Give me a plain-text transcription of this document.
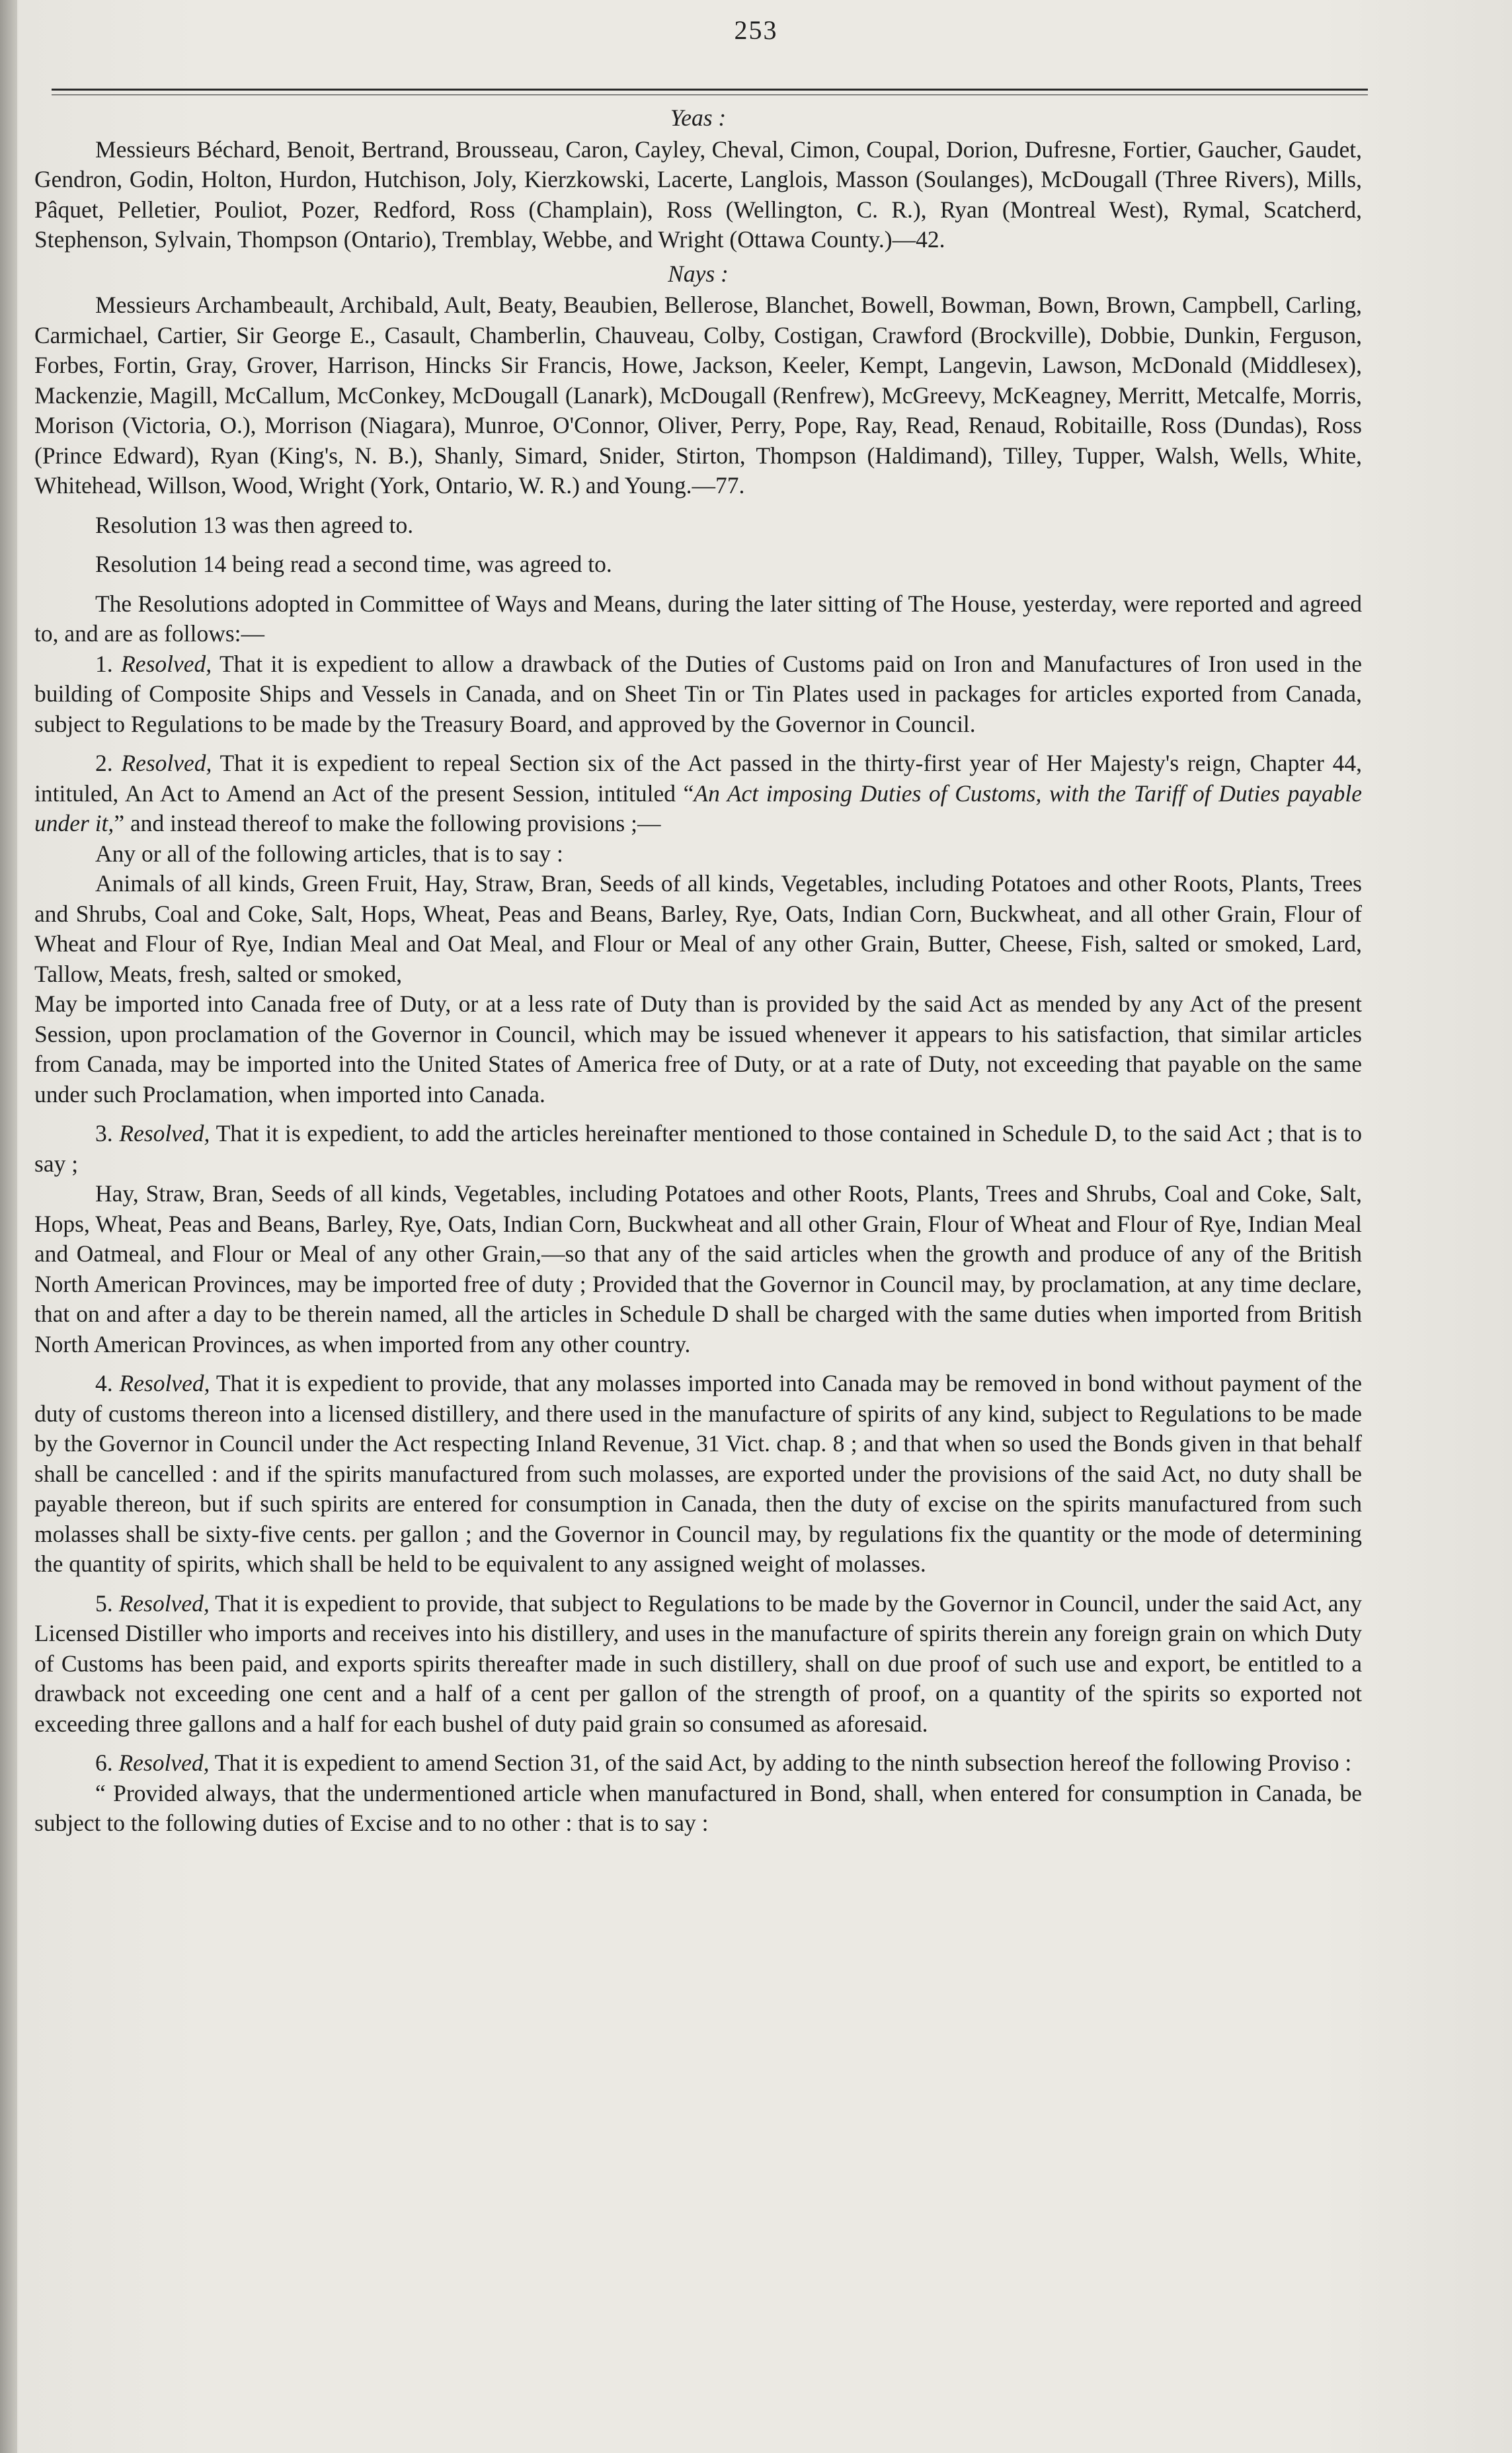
253
Yeas :

Messieurs Béchard, Benoit, Bertrand, Brousseau, Caron, Cayley, Cheval, Cimon, Coupal, Dorion, Dufresne, Fortier, Gaucher, Gaudet, Gendron, Godin, Holton, Hurdon, Hutchison, Joly, Kierzkowski, Lacerte, Langlois, Masson (Soulanges), McDougall (Three Rivers), Mills, Pâquet, Pelletier, Pouliot, Pozer, Redford, Ross (Champlain), Ross (Wellington, C. R.), Ryan (Montreal West), Rymal, Scatcherd, Stephenson, Sylvain, Thompson (Ontario), Tremblay, Webbe, and Wright (Ottawa County.)—42.

Nays :

Messieurs Archambeault, Archibald, Ault, Beaty, Beaubien, Bellerose, Blanchet, Bowell, Bowman, Bown, Brown, Campbell, Carling, Carmichael, Cartier, Sir George E., Casault, Chamberlin, Chauveau, Colby, Costigan, Crawford (Brockville), Dobbie, Dunkin, Ferguson, Forbes, Fortin, Gray, Grover, Harrison, Hincks Sir Francis, Howe, Jackson, Keeler, Kempt, Langevin, Lawson, McDonald (Middlesex), Mackenzie, Magill, McCallum, McConkey, McDougall (Lanark), McDougall (Renfrew), McGreevy, McKeagney, Merritt, Metcalfe, Morris, Morison (Victoria, O.), Morrison (Niagara), Munroe, O'Connor, Oliver, Perry, Pope, Ray, Read, Renaud, Robitaille, Ross (Dundas), Ross (Prince Edward), Ryan (King's, N. B.), Shanly, Simard, Snider, Stirton, Thompson (Haldimand), Tilley, Tupper, Walsh, Wells, White, Whitehead, Willson, Wood, Wright (York, Ontario, W. R.) and Young.—77.

Resolution 13 was then agreed to.

Resolution 14 being read a second time, was agreed to.

The Resolutions adopted in Committee of Ways and Means, during the later sitting of The House, yesterday, were reported and agreed to, and are as follows:—

1. Resolved, That it is expedient to allow a drawback of the Duties of Customs paid on Iron and Manufactures of Iron used in the building of Composite Ships and Vessels in Canada, and on Sheet Tin or Tin Plates used in packages for articles exported from Canada, subject to Regulations to be made by the Treasury Board, and approved by the Governor in Council.

2. Resolved, That it is expedient to repeal Section six of the Act passed in the thirty-first year of Her Majesty's reign, Chapter 44, intituled, An Act to Amend an Act of the present Session, intituled “An Act imposing Duties of Customs, with the Tariff of Duties payable under it,” and instead thereof to make the following provisions ;—

Any or all of the following articles, that is to say :

Animals of all kinds, Green Fruit, Hay, Straw, Bran, Seeds of all kinds, Vegetables, including Potatoes and other Roots, Plants, Trees and Shrubs, Coal and Coke, Salt, Hops, Wheat, Peas and Beans, Barley, Rye, Oats, Indian Corn, Buckwheat, and all other Grain, Flour of Wheat and Flour of Rye, Indian Meal and Oat Meal, and Flour or Meal of any other Grain, Butter, Cheese, Fish, salted or smoked, Lard, Tallow, Meats, fresh, salted or smoked,

May be imported into Canada free of Duty, or at a less rate of Duty than is provided by the said Act as mended by any Act of the present Session, upon proclamation of the Governor in Council, which may be issued whenever it appears to his satisfaction, that similar articles from Canada, may be imported into the United States of America free of Duty, or at a rate of Duty, not exceeding that payable on the same under such Proclamation, when imported into Canada.

3. Resolved, That it is expedient, to add the articles hereinafter mentioned to those contained in Schedule D, to the said Act ; that is to say ;

Hay, Straw, Bran, Seeds of all kinds, Vegetables, including Potatoes and other Roots, Plants, Trees and Shrubs, Coal and Coke, Salt, Hops, Wheat, Peas and Beans, Barley, Rye, Oats, Indian Corn, Buckwheat and all other Grain, Flour of Wheat and Flour of Rye, Indian Meal and Oatmeal, and Flour or Meal of any other Grain,—so that any of the said articles when the growth and produce of any of the British North American Provinces, may be imported free of duty ; Provided that the Governor in Council may, by proclamation, at any time declare, that on and after a day to be therein named, all the articles in Schedule D shall be charged with the same duties when imported from British North American Provinces, as when imported from any other country.

4. Resolved, That it is expedient to provide, that any molasses imported into Canada may be removed in bond without payment of the duty of customs thereon into a licensed distillery, and there used in the manufacture of spirits of any kind, subject to Regulations to be made by the Governor in Council under the Act respecting Inland Revenue, 31 Vict. chap. 8 ; and that when so used the Bonds given in that behalf shall be cancelled : and if the spirits manufactured from such molasses, are exported under the provisions of the said Act, no duty shall be payable thereon, but if such spirits are entered for consumption in Canada, then the duty of excise on the spirits manufactured from such molasses shall be sixty-five cents. per gallon ; and the Governor in Council may, by regulations fix the quantity or the mode of determining the quantity of spirits, which shall be held to be equivalent to any assigned weight of molasses.

5. Resolved, That it is expedient to provide, that subject to Regulations to be made by the Governor in Council, under the said Act, any Licensed Distiller who imports and receives into his distillery, and uses in the manufacture of spirits therein any foreign grain on which Duty of Customs has been paid, and exports spirits thereafter made in such distillery, shall on due proof of such use and export, be entitled to a drawback not exceeding one cent and a half of a cent per gallon of the strength of proof, on a quantity of the spirits so exported not exceeding three gallons and a half for each bushel of duty paid grain so consumed as aforesaid.

6. Resolved, That it is expedient to amend Section 31, of the said Act, by adding to the ninth subsection hereof the following Proviso :

“ Provided always, that the undermentioned article when manufactured in Bond, shall, when entered for consumption in Canada, be subject to the following duties of Excise and to no other : that is to say :
